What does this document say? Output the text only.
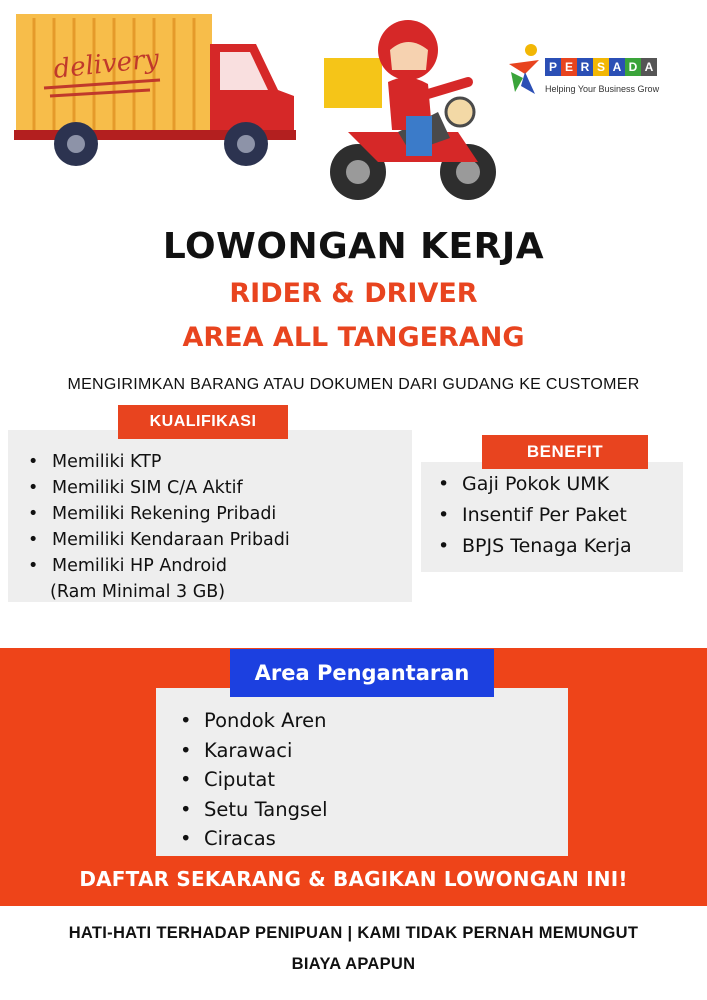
delivery	P E R S A D A
Helping Your Business Grow
LOWONGAN KERJA
RIDER & DRIVER
AREA ALL TANGERANG
MENGIRIMKAN BARANG ATAU DOKUMEN DARI GUDANG KE CUSTOMER
KUALIFIKASI
• Memiliki KTP
• Memiliki SIM C/A Aktif
• Memiliki Rekening Pribadi
• Memiliki Kendaraan Pribadi
• Memiliki HP Android
(Ram Minimal 3 GB)
BENEFIT
• Gaji Pokok UMK
• Insentif Per Paket
• BPJS Tenaga Kerja
Area Pengantaran
• Pondok Aren
• Karawaci
• Ciputat
• Setu Tangsel
• Ciracas
DAFTAR SEKARANG & BAGIKAN LOWONGAN INI!
HATI-HATI TERHADAP PENIPUAN | KAMI TIDAK PERNAH MEMUNGUT
BIAYA APAPUN
